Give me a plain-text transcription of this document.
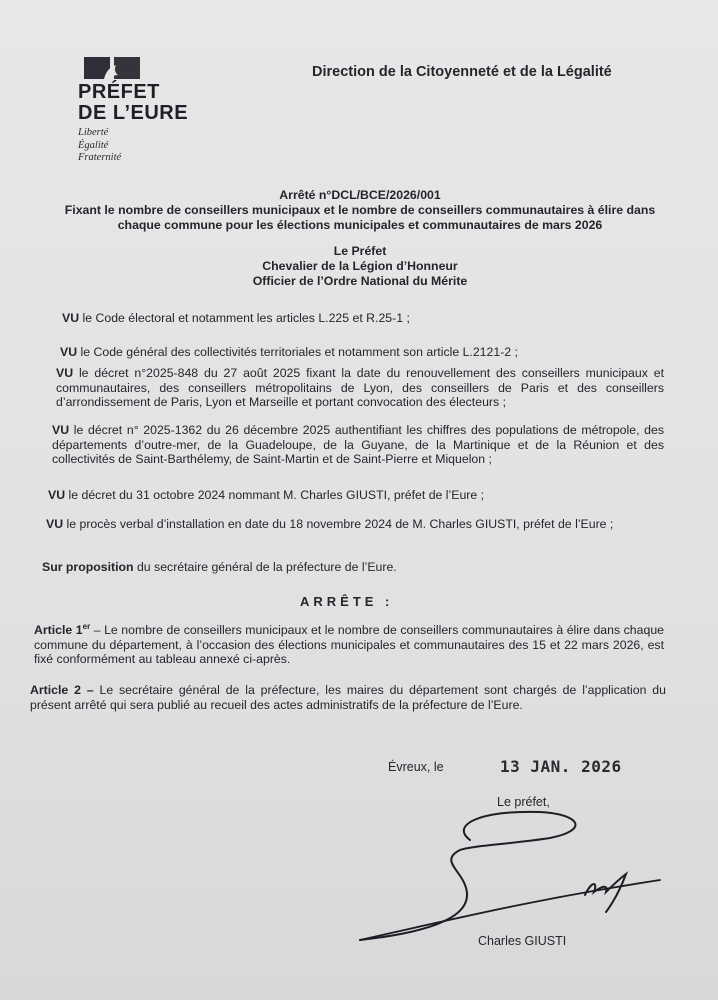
PRÉFET
DE L’EURE
Liberté
Égalité
Fraternité
Direction de la Citoyenneté et de la Légalité
Arrêté n°DCL/BCE/2026/001
Fixant le nombre de conseillers municipaux et le nombre de conseillers communautaires à élire dans
chaque commune pour les élections municipales et communautaires de mars 2026
Le Préfet
Chevalier de la Légion d’Honneur
Officier de l’Ordre National du Mérite
VU le Code électoral et notamment les articles L.225 et R.25-1 ;
VU le Code général des collectivités territoriales et notamment son article L.2121-2 ;
VU le décret n°2025-848 du 27 août 2025 fixant la date du renouvellement des conseillers municipaux et communautaires, des conseillers métropolitains de Lyon, des conseillers de Paris et des conseillers d’arrondissement de Paris, Lyon et Marseille et portant convocation des électeurs ;
VU le décret n° 2025-1362 du 26 décembre 2025 authentifiant les chiffres des populations de métropole, des départements d’outre-mer, de la Guadeloupe, de la Guyane, de la Martinique et de la Réunion et des collectivités de Saint-Barthélemy, de Saint-Martin et de Saint-Pierre et Miquelon ;
VU le décret du 31 octobre 2024 nommant M. Charles GIUSTI, préfet de l’Eure ;
VU le procès verbal d’installation en date du 18 novembre 2024 de M. Charles GIUSTI, préfet de l’Eure ;
Sur proposition du secrétaire général de la préfecture de l’Eure.
ARRÊTE :
Article 1er – Le nombre de conseillers municipaux et le nombre de conseillers communautaires à élire dans chaque commune du département, à l’occasion des élections municipales et communautaires des 15 et 22 mars 2026, est fixé conformément au tableau annexé ci-après.
Article 2 – Le secrétaire général de la préfecture, les maires du département sont chargés de l’application du présent arrêté qui sera publié au recueil des actes administratifs de la préfecture de l’Eure.
Évreux, le	13 JAN. 2026
Le préfet,
Charles GIUSTI
